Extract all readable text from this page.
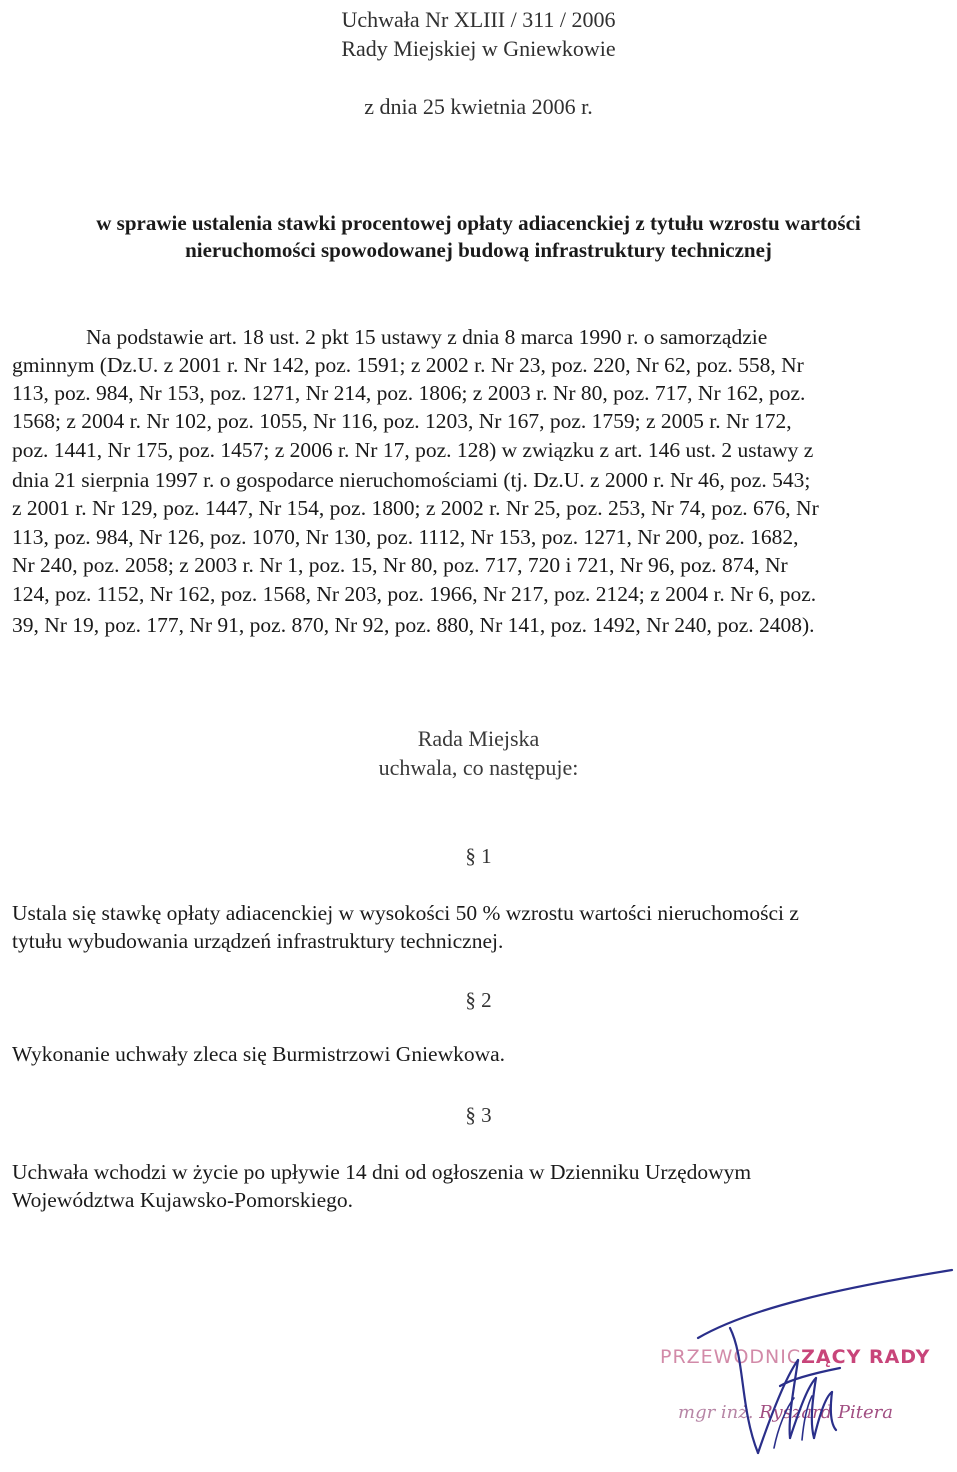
Uchwała Nr XLIII / 311 / 2006
Rady Miejskiej w Gniewkowie
z dnia 25 kwietnia 2006 r.
w sprawie ustalenia stawki procentowej opłaty adiacenckiej z tytułu wzrostu wartości
nieruchomości spowodowanej budową infrastruktury technicznej
Na podstawie art. 18 ust. 2 pkt 15 ustawy z dnia 8 marca 1990 r. o samorządzie
gminnym (Dz.U. z 2001 r. Nr 142, poz. 1591; z 2002 r. Nr 23, poz. 220, Nr 62, poz. 558, Nr
113, poz. 984, Nr 153, poz. 1271, Nr 214, poz. 1806; z 2003 r. Nr 80, poz. 717, Nr 162, poz.
1568; z 2004 r. Nr 102, poz. 1055, Nr 116, poz. 1203, Nr 167, poz. 1759; z 2005 r. Nr 172,
poz. 1441, Nr 175, poz. 1457; z 2006 r. Nr 17, poz. 128) w związku z art. 146 ust. 2 ustawy z
dnia 21 sierpnia 1997 r. o gospodarce nieruchomościami (tj. Dz.U. z 2000 r. Nr 46, poz. 543;
z 2001 r. Nr 129, poz. 1447, Nr 154, poz. 1800; z 2002 r. Nr 25, poz. 253, Nr 74, poz. 676, Nr
113, poz. 984, Nr 126, poz. 1070, Nr 130, poz. 1112, Nr 153, poz. 1271, Nr 200, poz. 1682,
Nr 240, poz. 2058; z 2003 r. Nr 1, poz. 15, Nr 80, poz. 717, 720 i 721, Nr 96, poz. 874, Nr
124, poz. 1152, Nr 162, poz. 1568, Nr 203, poz. 1966, Nr 217, poz. 2124; z 2004 r. Nr 6, poz.
39, Nr 19, poz. 177, Nr 91, poz. 870, Nr 92, poz. 880, Nr 141, poz. 1492, Nr 240, poz. 2408).
Rada Miejska
uchwala, co następuje:
§ 1
Ustala się stawkę opłaty adiacenckiej w wysokości 50 % wzrostu wartości nieruchomości z
tytułu wybudowania urządzeń infrastruktury technicznej.
§ 2
Wykonanie uchwały zleca się Burmistrzowi Gniewkowa.
§ 3
Uchwała wchodzi w życie po upływie 14 dni od ogłoszenia w Dzienniku Urzędowym
Województwa Kujawsko-Pomorskiego.
PRZEWODNICZĄCY RADY
mgr inż. Ryszard Pitera
